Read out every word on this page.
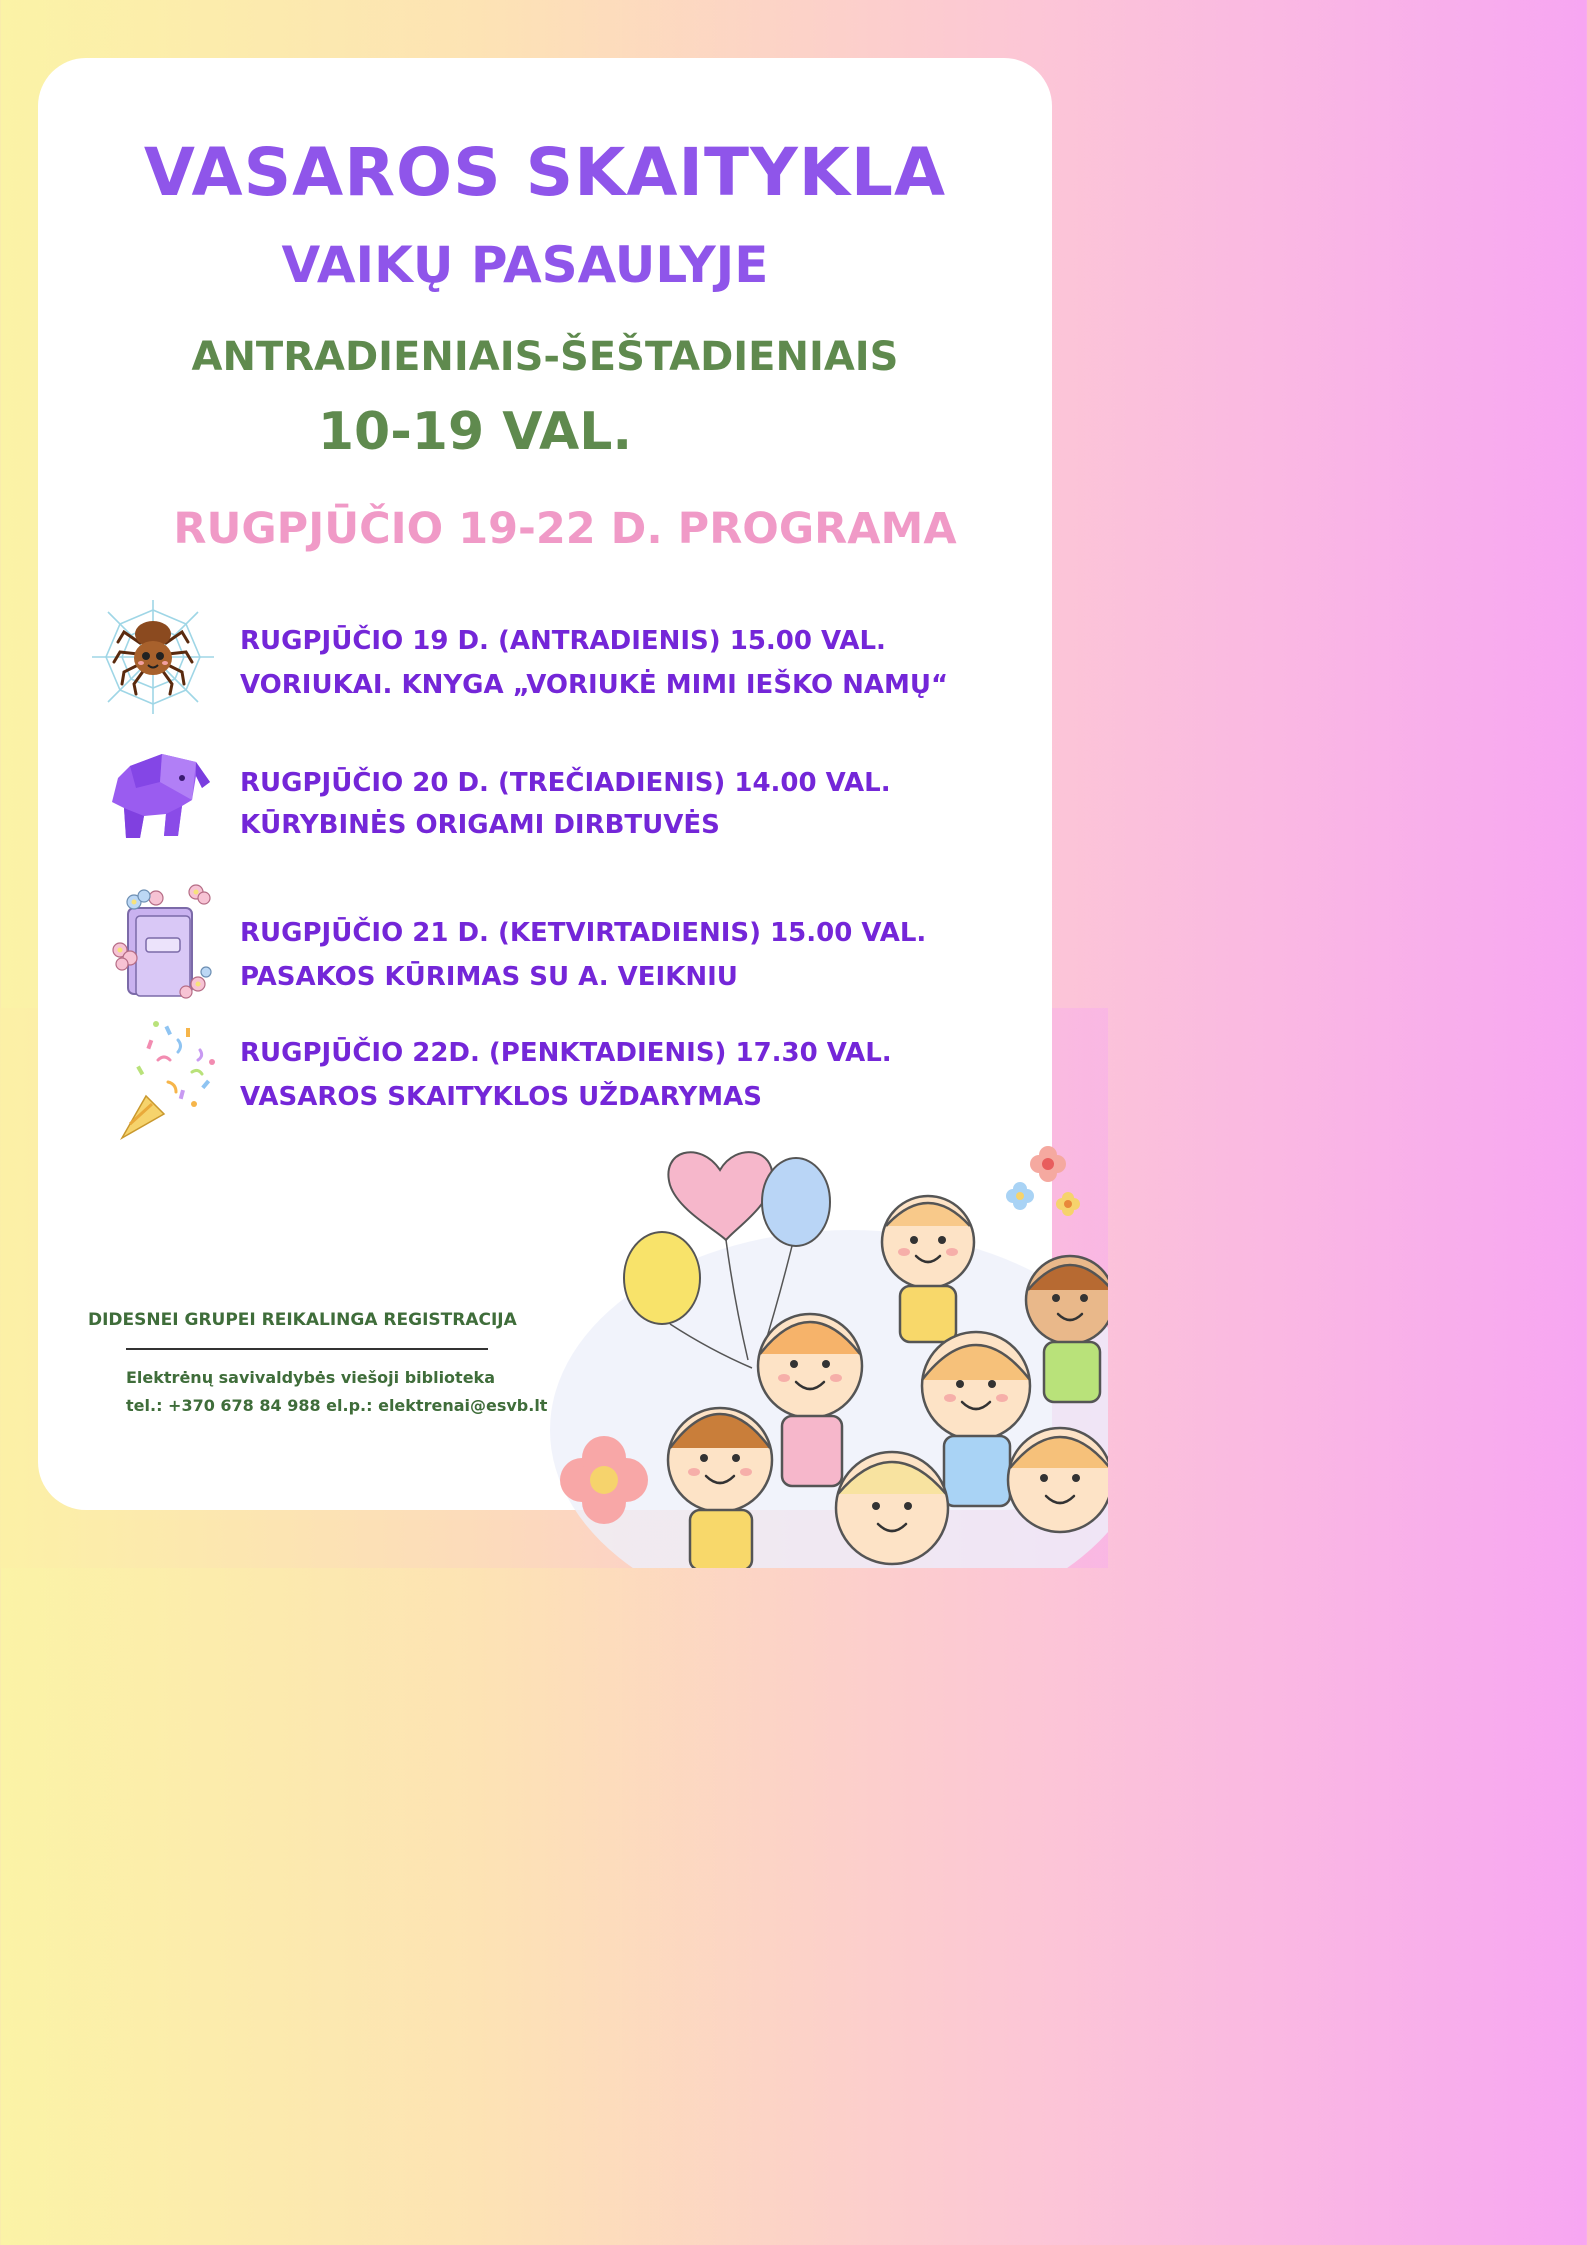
VASAROS SKAITYKLA
VAIKŲ PASAULYJE

ANTRADIENIAIS-ŠEŠTADIENIAIS

10-19 VAL.

RUGPJŪČIO 19-22 D. PROGRAMA

RUGPJŪČIO 19 D. (ANTRADIENIS) 15.00 VAL.

VORIUKAI. KNYGA „VORIUKĖ MIMI IEŠKO NAMŲ“

RUGPJŪČIO 20 D. (TREČIADIENIS) 14.00 VAL.

KŪRYBINĖS ORIGAMI DIRBTUVĖS

RUGPJŪČIO 21 D. (KETVIRTADIENIS) 15.00 VAL.

PASAKOS KŪRIMAS SU A. VEIKNIU

RUGPJŪČIO 22D. (PENKTADIENIS) 17.30 VAL.

VASAROS SKAITYKLOS UŽDARYMAS

DIDESNEI GRUPEI REIKALINGA REGISTRACIJA

Elektrėnų savivaldybės viešoji biblioteka

tel.: +370 678 84 988 el.p.: elektrenai@esvb.lt
